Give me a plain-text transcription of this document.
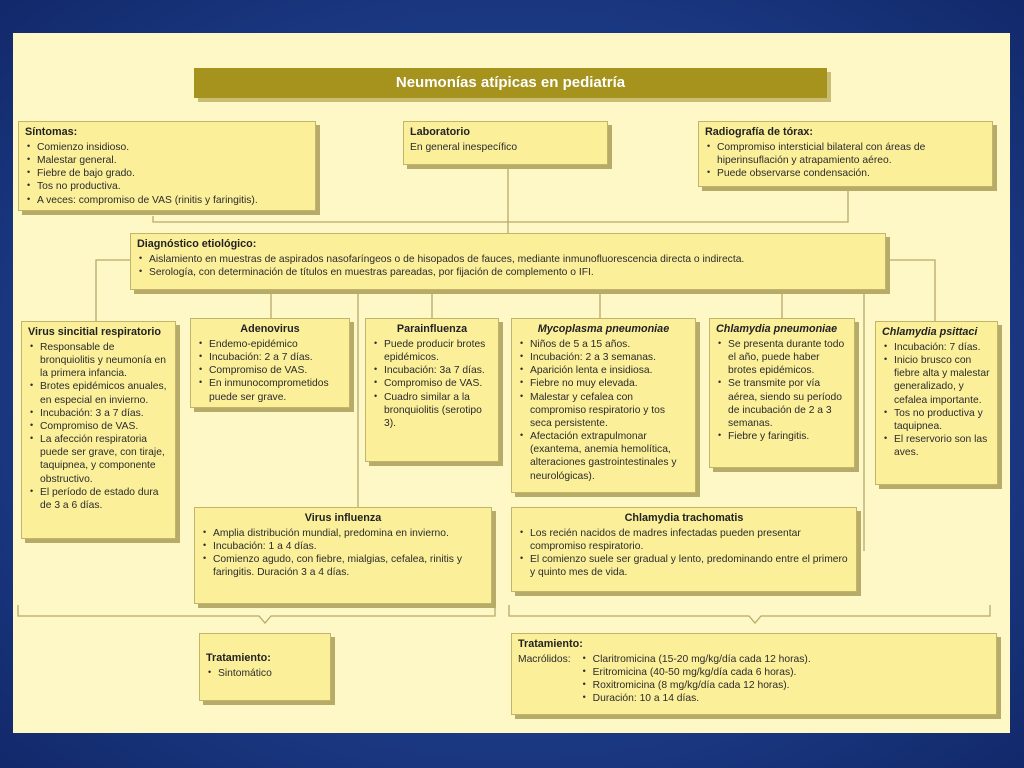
Neumonías atípicas en pediatría
Síntomas:
• Comienzo insidioso.
• Malestar general.
• Fiebre de bajo grado.
• Tos no productiva.
• A veces: compromiso de VAS (rinitis y faringitis).
Laboratorio

En general inespecífico

Radiografía de tórax:
• Compromiso intersticial bilateral con áreas de hiperinsuflación y atrapamiento aéreo.
• Puede observarse condensación.
Diagnóstico etiológico:
• Aislamiento en muestras de aspirados nasofaríngeos o de hisopados de fauces, mediante inmunofluorescencia directa o indirecta.
• Serología, con determinación de títulos en muestras pareadas, por fijación de complemento o IFI.
Virus sincitial respiratorio
• Responsable de bronquiolitis y neumonía en la primera infancia.
• Brotes epidémicos anuales, en especial en invierno.
• Incubación: 3 a 7 días.
• Compromiso de VAS.
• La afección respiratoria puede ser grave, con tiraje, taquipnea, y componente obstructivo.
• El período de estado dura de 3 a 6 días.
Adenovirus
• Endemo-epidémico
• Incubación: 2 a 7 días.
• Compromiso de VAS.
• En inmunocomprometidos puede ser grave.
Parainfluenza
• Puede producir brotes epidémicos.
• Incubación: 3a 7 días.
• Compromiso de VAS.
• Cuadro similar a la bronquiolitis (serotipo 3).
Mycoplasma pneumoniae
• Niños de 5 a 15 años.
• Incubación: 2 a 3 semanas.
• Aparición lenta e insidiosa.
• Fiebre no muy elevada.
• Malestar y cefalea con compromiso respiratorio y tos seca persistente.
• Afectación extrapulmonar (exantema, anemia hemolítica, alteraciones gastrointestinales y neurológicas).
Chlamydia pneumoniae
• Se presenta durante todo el año, puede haber brotes epidémicos.
• Se transmite por vía aérea, siendo su período de incubación de 2 a 3 semanas.
• Fiebre y faringitis.
Chlamydia psittaci
• Incubación: 7 días.
• Inicio brusco con fiebre alta y malestar generalizado, y cefalea importante.
• Tos no productiva y taquipnea.
• El reservorio son las aves.
Virus influenza
• Amplia distribución mundial, predomina en invierno.
• Incubación: 1 a 4 días.
• Comienzo agudo, con fiebre, mialgias, cefalea, rinitis y faringitis. Duración 3 a 4 días.
Chlamydia trachomatis
• Los recién nacidos de madres infectadas pueden presentar compromiso respiratorio.
• El comienzo suele ser gradual y lento, predominando entre el primero y quinto mes de vida.
Tratamiento:
• Sintomático
Tratamiento:
Macrólidos:
• Claritromicina (15-20 mg/kg/día cada 12 horas).
• Eritromicina (40-50 mg/kg/día cada 6 horas).
• Roxitromicina (8 mg/kg/día cada 12 horas).
• Duración: 10 a 14 días.
